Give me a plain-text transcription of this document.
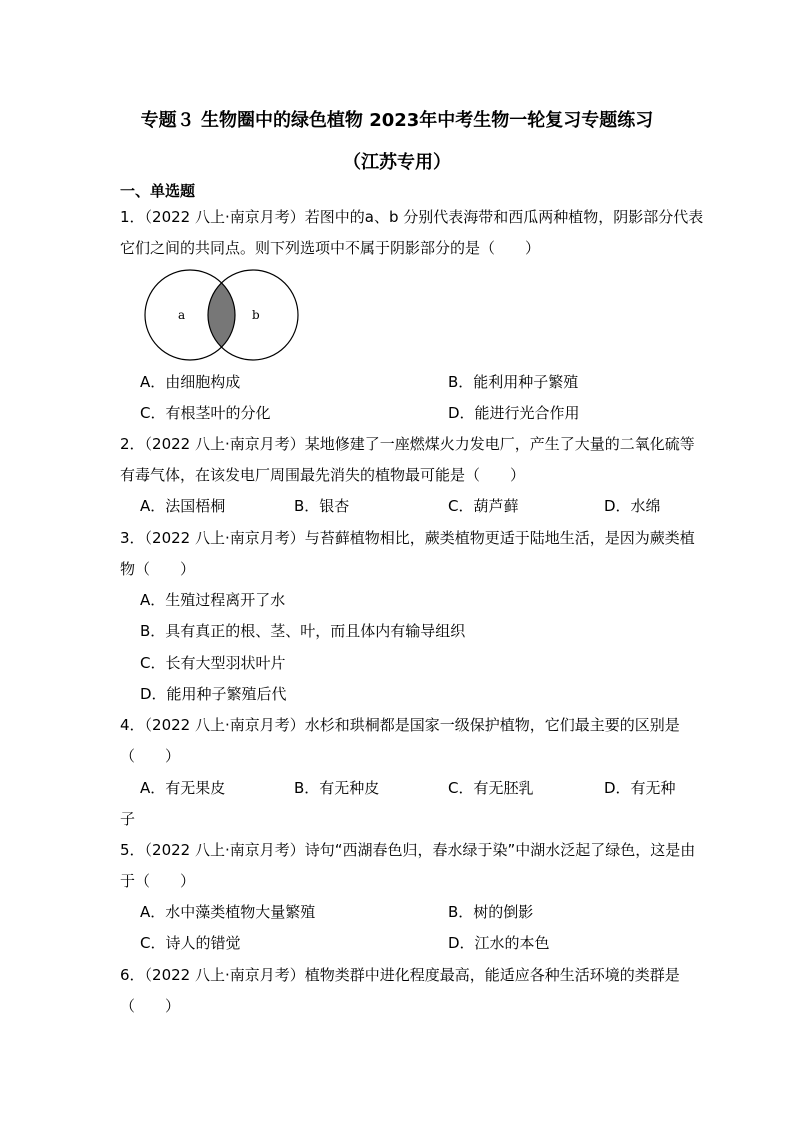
专题３ 生物圈中的绿色植物 2023年中考生物一轮复习专题练习
（江苏专用）
一、单选题
1．（2022 八上·南京月考）若图中的a、b 分别代表海带和西瓜两种植物，阴影部分代表
它们之间的共同点。则下列选项中不属于阴影部分的是（　　）
a	b
A．由细胞构成	B．能利用种子繁殖
C．有根茎叶的分化	D．能进行光合作用
2．（2022 八上·南京月考）某地修建了一座燃煤火力发电厂，产生了大量的二氧化硫等
有毒气体，在该发电厂周围最先消失的植物最可能是（　　）
A．法国梧桐	B．银杏	C．葫芦藓	D．水绵
3．（2022 八上·南京月考）与苔藓植物相比，蕨类植物更适于陆地生活，是因为蕨类植
物（　　）
A．生殖过程离开了水
B．具有真正的根、茎、叶，而且体内有输导组织
C．长有大型羽状叶片
D．能用种子繁殖后代
4．（2022 八上·南京月考）水杉和珙桐都是国家一级保护植物，它们最主要的区别是
（　　）
A．有无果皮	B．有无种皮	C．有无胚乳	D．有无种
子
5．（2022 八上·南京月考）诗句“西湖春色归，春水绿于染”中湖水泛起了绿色，这是由
于（　　）
A．水中藻类植物大量繁殖	B．树的倒影
C．诗人的错觉	D．江水的本色
6．（2022 八上·南京月考）植物类群中进化程度最高，能适应各种生活环境的类群是
（　　）
